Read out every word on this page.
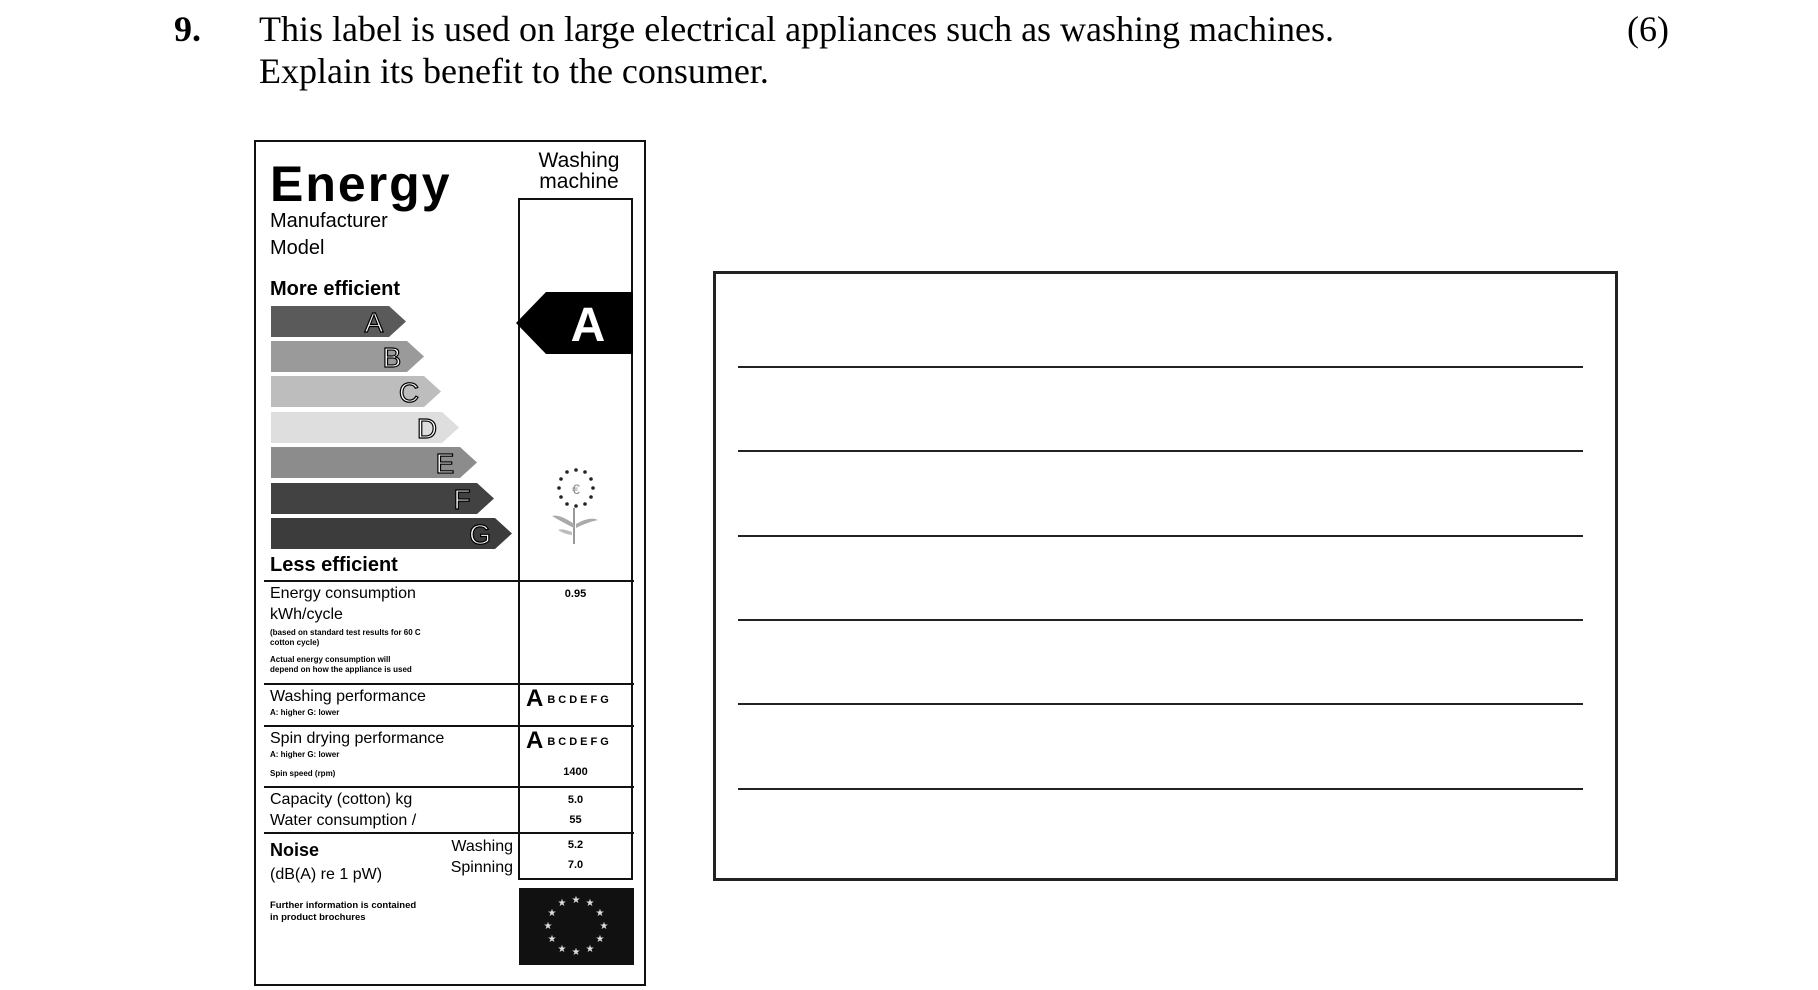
9. This label is used on large electrical appliances such as washing machines.
Explain its benefit to the consumer.
(6)
Energy	Washing
machine
Manufacturer
Model
More efficient
A
B
C
D
E
F
G
Less efficient
A
€
Energy consumption
kWh/cycle
(based on standard test results for 60 C
cotton cycle)
Actual energy consumption will
depend on how the appliance is used
0.95
Washing performance
A: higher G: lower
ABCDEFG
Spin drying performance
A: higher G: lower
Spin speed (rpm)
ABCDEFG
1400
Capacity (cotton) kg
Water consumption /
5.0
55
Noise
(dB(A) re 1 pW)
Washing
Spinning
5.2
7.0
Further information is contained
in product brochures
★ ★
★
★
★
★
★
★
★
★
★
★
